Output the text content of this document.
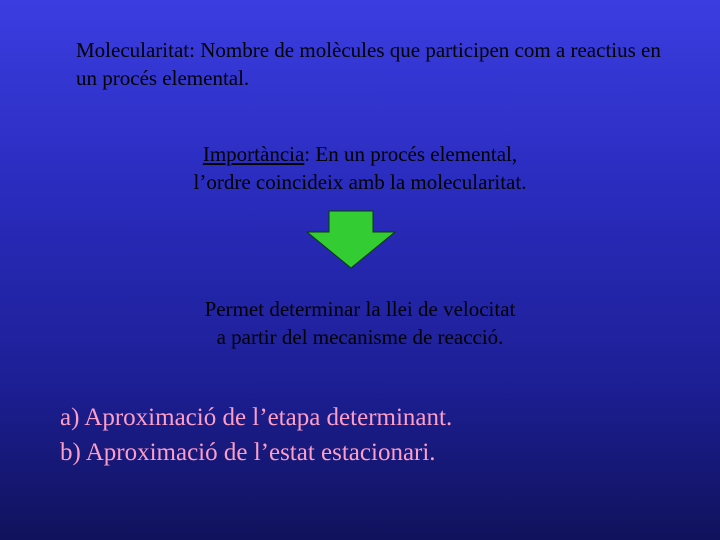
Molecularitat: Nombre de molècules que participen com a reactius en un procés elemental.
Importància: En un procés elemental,
l’ordre coincideix amb la molecularitat.
Permet determinar la llei de velocitat
a partir del mecanisme de reacció.
a) Aproximació de l’etapa determinant.
b) Aproximació de l’estat estacionari.
